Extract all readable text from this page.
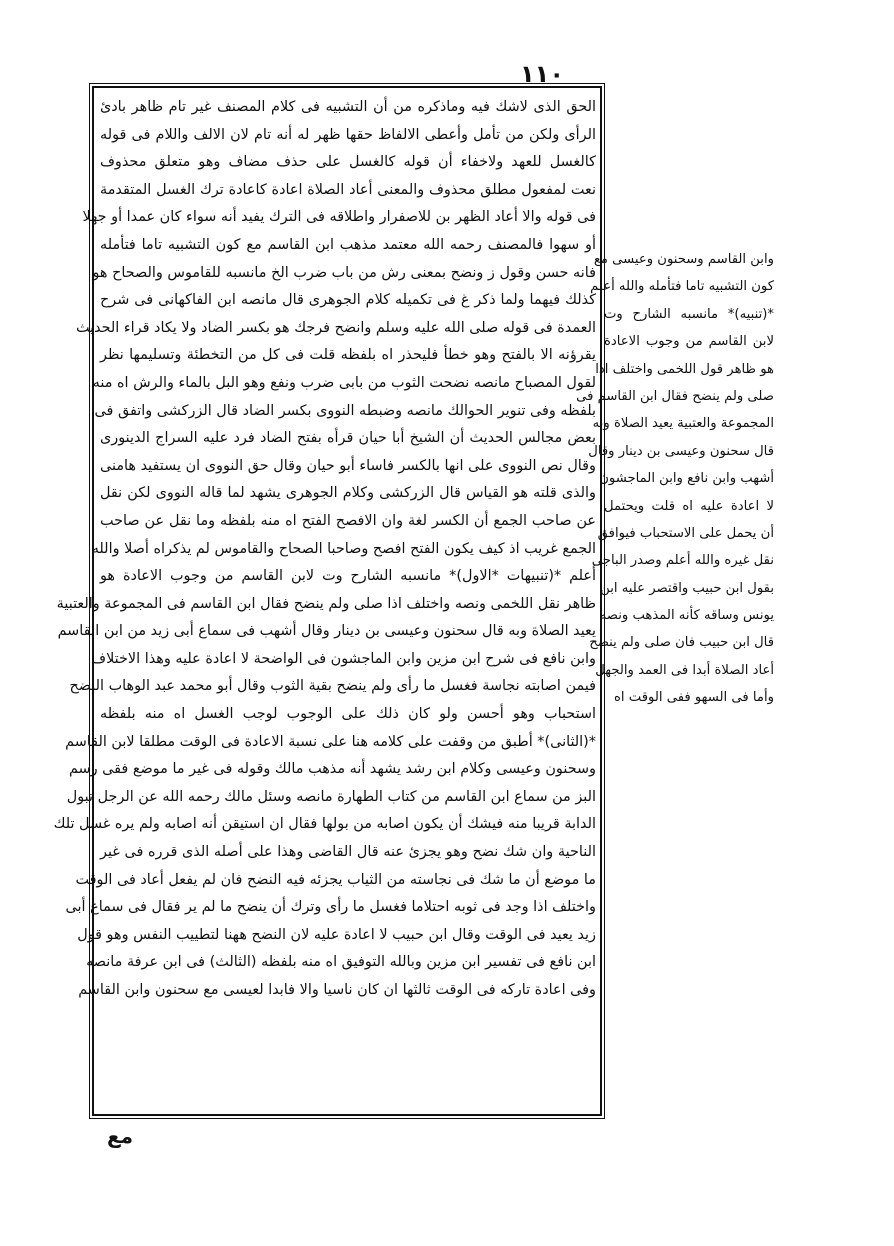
١١٠
الحق الذى لاشك فيه وماذكره من أن التشبيه فى كلام المصنف غير تام ظاهر بادئ
الرأى ولكن من تأمل وأعطى الالفاظ حقها ظهر له أنه تام لان الالف واللام فى قوله
كالغسل للعهد ولاخفاء أن قوله كالغسل على حذف مضاف وهو متعلق محذوف
نعت لمفعول مطلق محذوف والمعنى أعاد الصلاة اعادة كاعادة ترك الغسل المتقدمة
فى قوله والا أعاد الظهر بن للاصفرار واطلاقه فى الترك يفيد أنه سواء كان عمدا أو جهلا
أو سهوا فالمصنف رحمه الله معتمد مذهب ابن القاسم مع كون التشبيه تاما فتأمله
فانه حسن وقول ز ونضح بمعنى رش من باب ضرب الخ مانسبه للقاموس والصحاح هو
كذلك فيهما ولما ذكر غ فى تكميله كلام الجوهرى قال مانصه ابن الفاكهانى فى شرح
العمدة فى قوله صلى الله عليه وسلم وانضح فرجك هو بكسر الضاد ولا يكاد قراء الحديث
يقرؤنه الا بالفتح وهو خطأ فليحذر اه بلفظه قلت فى كل من التخطئة وتسليمها نظر
لقول المصباح مانصه نضحت الثوب من بابى ضرب ونفع وهو البل بالماء والرش اه منه
بلفظه وفى تنوير الحوالك مانصه وضبطه النووى بكسر الضاد قال الزركشى واتفق فى
بعض مجالس الحديث أن الشيخ أبا حيان قرأه بفتح الضاد فرد عليه السراج الدينورى
وقال نص النووى على انها بالكسر فاساء أبو حيان وقال حق النووى ان يستفيد هامنى
والذى قلته هو القياس قال الزركشى وكلام الجوهرى يشهد لما قاله النووى لكن نقل
عن صاحب الجمع أن الكسر لغة وان الافصح الفتح اه منه بلفظه وما نقل عن صاحب
الجمع غريب اذ كيف يكون الفتح افصح وصاحبا الصحاح والقاموس لم يذكراه أصلا والله
أعلم *(تنبيهات *الاول)* مانسبه الشارح وت لابن القاسم من وجوب الاعادة هو
ظاهر نقل اللخمى ونصه واختلف اذا صلى ولم ينضح فقال ابن القاسم فى المجموعة والعتبية
يعيد الصلاة وبه قال سحنون وعيسى بن دينار وقال أشهب فى سماع أبى زيد من ابن القاسم
وابن نافع فى شرح ابن مزين وابن الماجشون فى الواضحة لا اعادة عليه وهذا الاختلاف
فيمن اصابته نجاسة فغسل ما رأى ولم ينضح بقية الثوب وقال أبو محمد عبد الوهاب النضح
استحباب وهو أحسن ولو كان ذلك على الوجوب لوجب الغسل اه منه بلفظه
*(الثانى)* أطبق من وقفت على كلامه هنا على نسبة الاعادة فى الوقت مطلقا لابن القاسم
وسحنون وعيسى وكلام ابن رشد يشهد أنه مذهب مالك وقوله فى غير ما موضع فقى رسم
البز من سماع ابن القاسم من كتاب الطهارة مانصه وسئل مالك رحمه الله عن الرجل تبول
الدابة قريبا منه فيشك أن يكون اصابه من بولها فقال ان استيقن أنه اصابه ولم يره غسل تلك
الناحية وان شك نضح وهو يجزئ عنه قال القاضى وهذا على أصله الذى قرره فى غير
ما موضع أن ما شك فى نجاسته من الثياب يجزئه فيه النضح فان لم يفعل أعاد فى الوقت
واختلف اذا وجد فى ثوبه احتلاما فغسل ما رأى وترك أن ينضح ما لم ير فقال فى سماع أبى
زيد يعيد فى الوقت وقال ابن حبيب لا اعادة عليه لان النضح ههنا لتطييب النفس وهو قول
ابن نافع فى تفسير ابن مزين وبالله التوفيق اه منه بلفظه (الثالث) فى ابن عرفة مانصه
وفى اعادة تاركه فى الوقت ثالثها ان كان ناسيا والا فابدا لعيسى مع سحنون وابن القاسم
وابن القاسم وسحنون وعيسى مع
كون التشبيه تاما فتأمله والله أعلم
*(تنبيه)* مانسبه الشارح وت
لابن القاسم من وجوب الاعادة
هو ظاهر قول اللخمى واختلف اذا
صلى ولم ينضح فقال ابن القاسم فى
المجموعة والعتبية يعيد الصلاة وبه
قال سحنون وعيسى بن دينار وقال
أشهب وابن نافع وابن الماجشون
لا اعادة عليه اه قلت ويحتمل
أن يحمل على الاستحباب فيوافق
نقل غيره والله أعلم وصدر الباجى
بقول ابن حبيب واقتصر عليه ابن
يونس وساقه كأنه المذهب ونصه
قال ابن حبيب فان صلى ولم ينضح
أعاد الصلاة أبدا فى العمد والجهل
وأما فى السهو ففى الوقت اه
مع
